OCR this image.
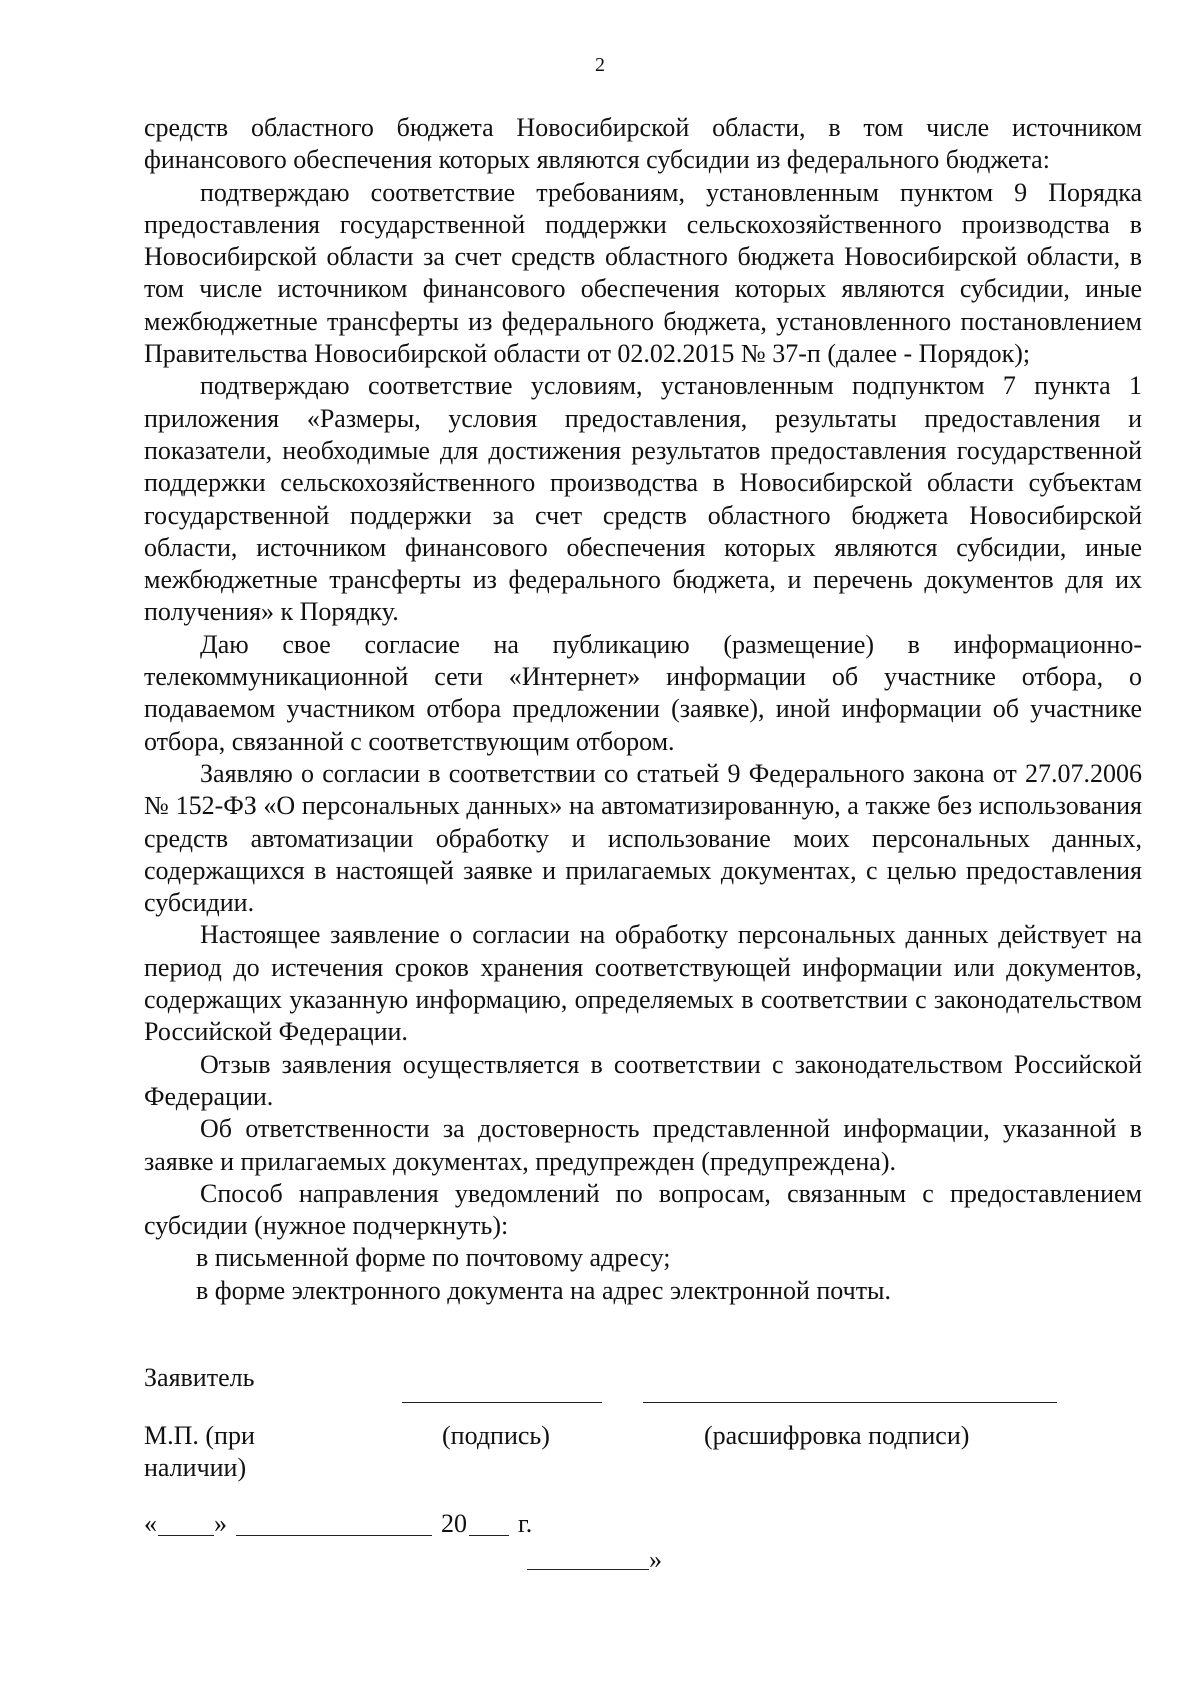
2

средств областного бюджета Новосибирской области, в том числе источником финансового обеспечения которых являются субсидии из федерального бюджета:

подтверждаю соответствие требованиям, установленным пунктом 9 Порядка предоставления государственной поддержки сельскохозяйственного производства в Новосибирской области за счет средств областного бюджета Новосибирской области, в том числе источником финансового обеспечения которых являются субсидии, иные межбюджетные трансферты из федерального бюджета, установленного постановлением Правительства Новосибирской области от 02.02.2015 № 37-п (далее - Порядок);

подтверждаю соответствие условиям, установленным подпунктом 7 пункта 1 приложения «Размеры, условия предоставления, результаты предоставления и показатели, необходимые для достижения результатов предоставления государственной поддержки сельскохозяйственного производства в Новосибирской области субъектам государственной поддержки за счет средств областного бюджета Новосибирской области, источником финансового обеспечения которых являются субсидии, иные межбюджетные трансферты из федерального бюджета, и перечень документов для их получения» к Порядку.

Даю свое согласие на публикацию (размещение) в информационно-телекоммуникационной сети «Интернет» информации об участнике отбора, о подаваемом участником отбора предложении (заявке), иной информации об участнике отбора, связанной с соответствующим отбором.

Заявляю о согласии в соответствии со статьей 9 Федерального закона от 27.07.2006 № 152-ФЗ «О персональных данных» на автоматизированную, а также без использования средств автоматизации обработку и использование моих персональных данных, содержащихся в настоящей заявке и прилагаемых документах, с целью предоставления субсидии.

Настоящее заявление о согласии на обработку персональных данных действует на период до истечения сроков хранения соответствующей информации или документов, содержащих указанную информацию, определяемых в соответствии с законодательством Российской Федерации.

Отзыв заявления осуществляется в соответствии с законодательством Российской Федерации.

Об ответственности за достоверность представленной информации, указанной в заявке и прилагаемых документах, предупрежден (предупреждена).

Способ направления уведомлений по вопросам, связанным с предоставлением субсидии (нужное подчеркнуть):

в письменной форме по почтовому адресу;

в форме электронного документа на адрес электронной почты.

Заявитель
М.П. (при
наличии)
(подпись)	(расшифровка подписи)
« »	20 г.
»
